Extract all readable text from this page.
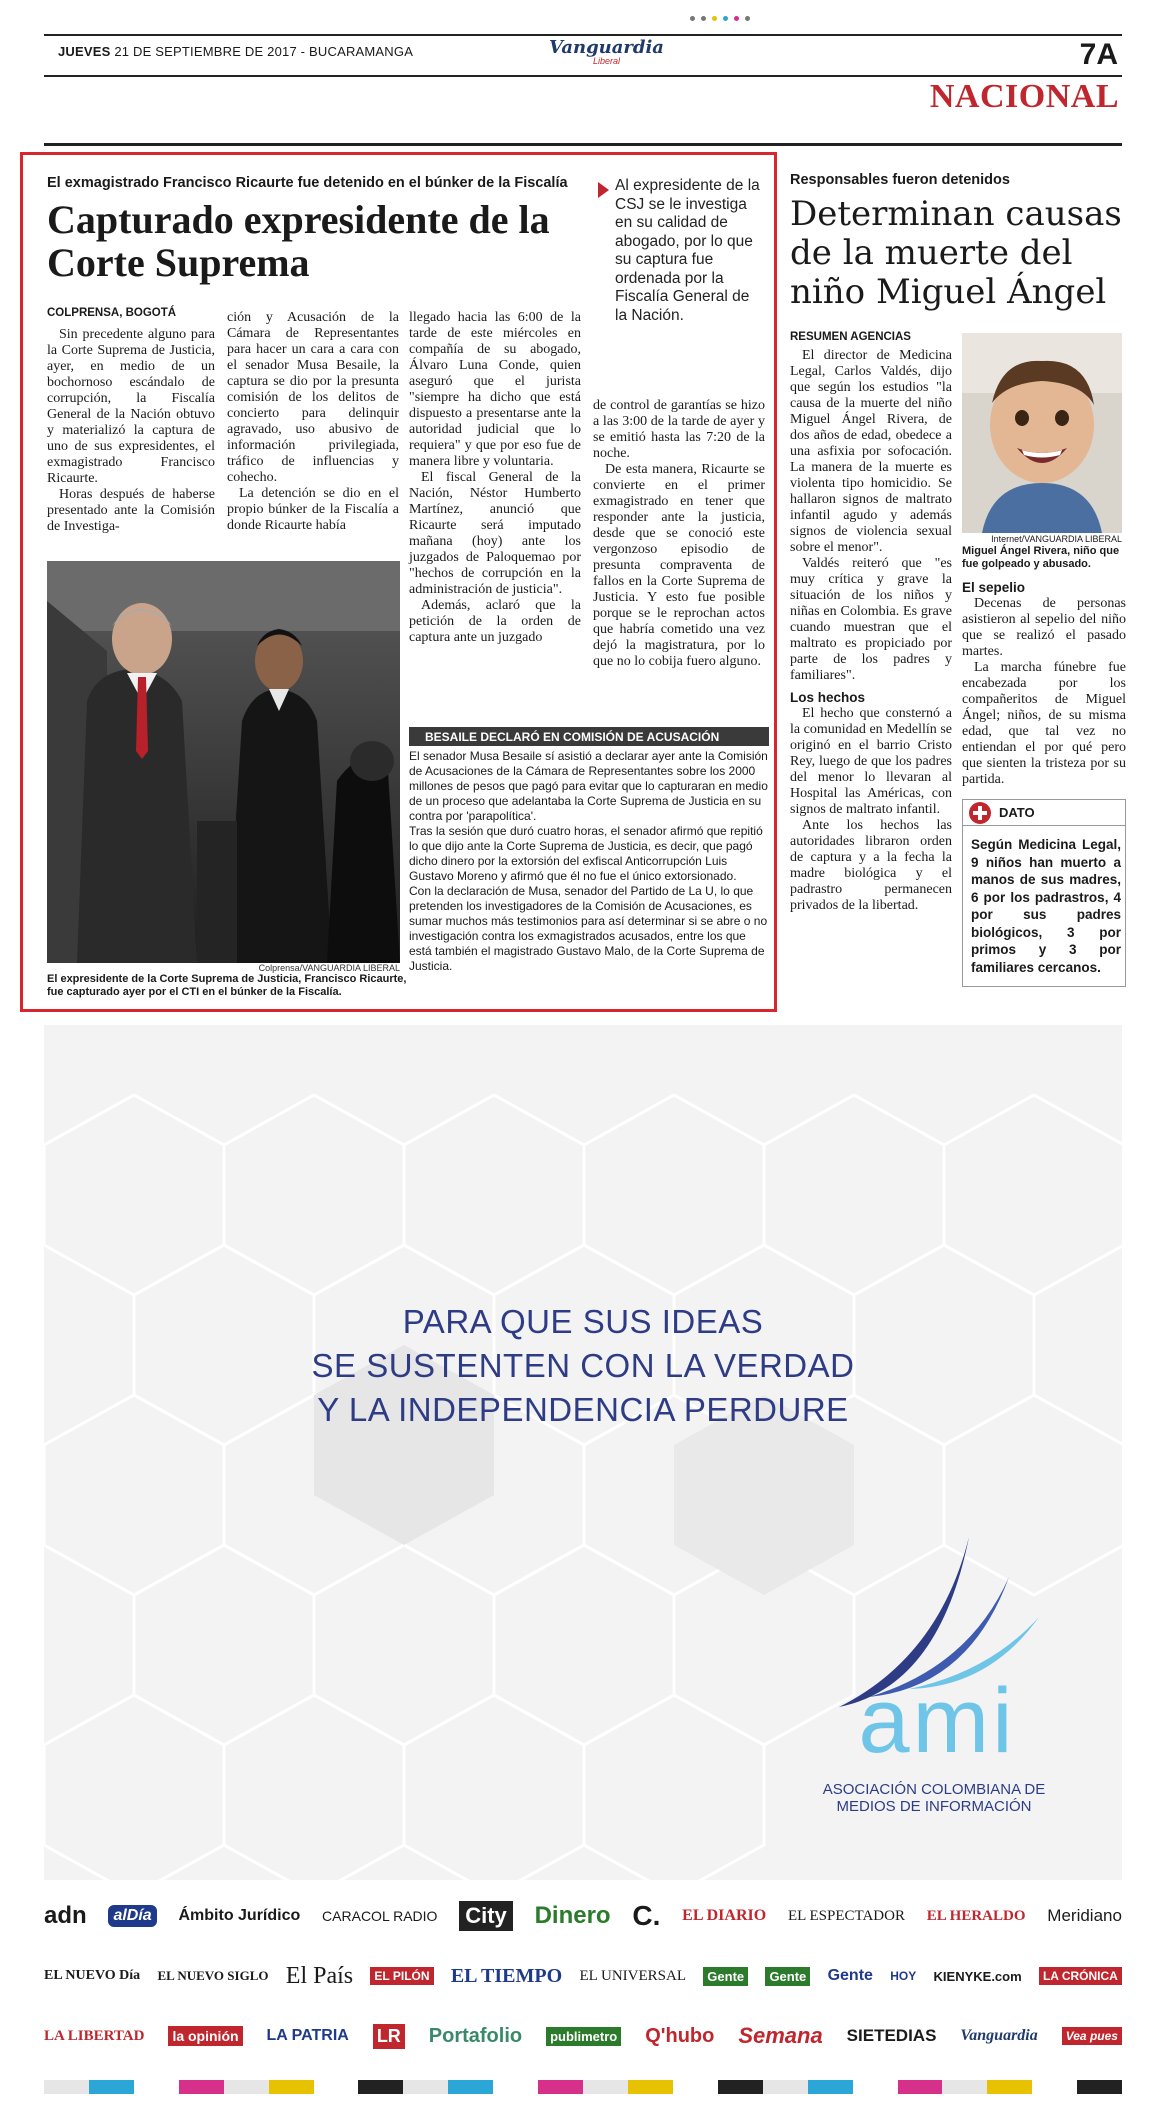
JUEVES 21 DE SEPTIEMBRE DE 2017 - BUCARAMANGA	Vanguardia
Liberal	7A
NACIONAL
El exmagistrado Francisco Ricaurte fue detenido en el búnker de la Fiscalía
Capturado expresidente de la Corte Suprema
COLPRENSA, BOGOTÁ
Al expresidente de la CSJ se le investiga en su calidad de abogado, por lo que su captura fue ordenada por la Fiscalía General de la Nación.

Sin precedente alguno para la Corte Suprema de Justicia, ayer, en medio de un bochornoso escándalo de corrupción, la Fiscalía General de la Nación obtuvo y materializó la captura de uno de sus expresidentes, el exmagistrado Francisco Ricaurte.

Horas después de haberse presentado ante la Comisión de Investiga-

ción y Acusación de la Cámara de Representantes para hacer un cara a cara con el senador Musa Besaile, la captura se dio por la presunta comisión de los delitos de concierto para delinquir agravado, uso abusivo de información privilegiada, tráfico de influencias y cohecho.

La detención se dio en el propio búnker de la Fiscalía a donde Ricaurte había

llegado hacia las 6:00 de la tarde de este miércoles en compañía de su abogado, Álvaro Luna Conde, quien aseguró que el jurista "siempre ha dicho que está dispuesto a presentarse ante la autoridad judicial que lo requiera" y que por eso fue de manera libre y voluntaria.

El fiscal General de la Nación, Néstor Humberto Martínez, anunció que Ricaurte será imputado mañana (hoy) ante los juzgados de Paloquemao por "hechos de corrupción en la administración de justicia".

Además, aclaró que la petición de la orden de captura ante un juzgado

de control de garantías se hizo a las 3:00 de la tarde de ayer y se emitió hasta las 7:20 de la noche.

De esta manera, Ricaurte se convierte en el primer exmagistrado en tener que responder ante la justicia, desde que se conoció este vergonzoso episodio de presunta compraventa de fallos en la Corte Suprema de Justicia. Y esto fue posible porque se le reprochan actos que habría cometido una vez dejó la magistratura, por lo que no lo cobija fuero alguno.

Colprensa/VANGUARDIA LIBERAL
El expresidente de la Corte Suprema de Justicia, Francisco Ricaurte, fue capturado ayer por el CTI en el búnker de la Fiscalía.
BESAILE DECLARÓ EN COMISIÓN DE ACUSACIÓN

El senador Musa Besaile sí asistió a declarar ayer ante la Comisión de Acusaciones de la Cámara de Representantes sobre los 2000 millones de pesos que pagó para evitar que lo capturaran en medio de un proceso que adelantaba la Corte Suprema de Justicia en su contra por 'parapolítica'.

Tras la sesión que duró cuatro horas, el senador afirmó que repitió lo que dijo ante la Corte Suprema de Justicia, es decir, que pagó dicho dinero por la extorsión del exfiscal Anticorrupción Luis Gustavo Moreno y afirmó que él no fue el único extorsionado.

Con la declaración de Musa, senador del Partido de La U, lo que pretenden los investigadores de la Comisión de Acusaciones, es sumar muchos más testimonios para así determinar si se abre o no investigación contra los exmagistrados acusados, entre los que está también el magistrado Gustavo Malo, de la Corte Suprema de Justicia.

Responsables fueron detenidos
Determinan causas de la muerte del niño Miguel Ángel
RESUMEN AGENCIAS

El director de Medicina Legal, Carlos Valdés, dijo que según los estudios "la causa de la muerte del niño Miguel Ángel Rivera, de dos años de edad, obedece a una asfixia por sofocación. La manera de la muerte es violenta tipo homicidio. Se hallaron signos de maltrato infantil agudo y además signos de violencia sexual sobre el menor".

Valdés reiteró que "es muy crítica y grave la situación de los niños y niñas en Colombia. Es grave cuando muestran que el maltrato es propiciado por parte de los padres y familiares".

Los hechos

El hecho que consternó a la comunidad en Medellín se originó en el barrio Cristo Rey, luego de que los padres del menor lo llevaran al Hospital las Américas, con signos de maltrato infantil.

Ante los hechos las autoridades libraron orden de captura y a la fecha la madre biológica y el padrastro permanecen privados de la libertad.

Internet/VANGUARDIA LIBERAL
Miguel Ángel Rivera, niño que fue golpeado y abusado.

El sepelio

Decenas de personas asistieron al sepelio del niño que se realizó el pasado martes.

La marcha fúnebre fue encabezada por los compañeritos de Miguel Ángel; niños, de su misma edad, que tal vez no entiendan el por qué pero que sienten la tristeza por su partida.

DATO
Según Medicina Legal, 9 niños han muerto a manos de sus madres, 6 por los padrastros, 4 por sus padres biológicos, 3 por primos y 3 por familiares cercanos.
PARA QUE SUS IDEAS
SE SUSTENTEN CON LA VERDAD
Y LA INDEPENDENCIA PERDURE
ami
ASOCIACIÓN COLOMBIANA DE MEDIOS DE INFORMACIÓN
adn	alDía	Ámbito Jurídico CARACOL RADIO City Dinero C. EL DIARIO EL ESPECTADOR EL HERALDO Meridiano
EL NUEVO Día EL NUEVO SIGLO El País	EL PILÓN EL TIEMPO EL UNIVERSAL	Gente	Gente Gente HOY KIENYKE.com	LA CRÓNICA
LA LIBERTAD la opinión LA PATRIA LR Portafolio	publimetro Q'hubo Semana SIETEDIAS Vanguardia	Vea pues
